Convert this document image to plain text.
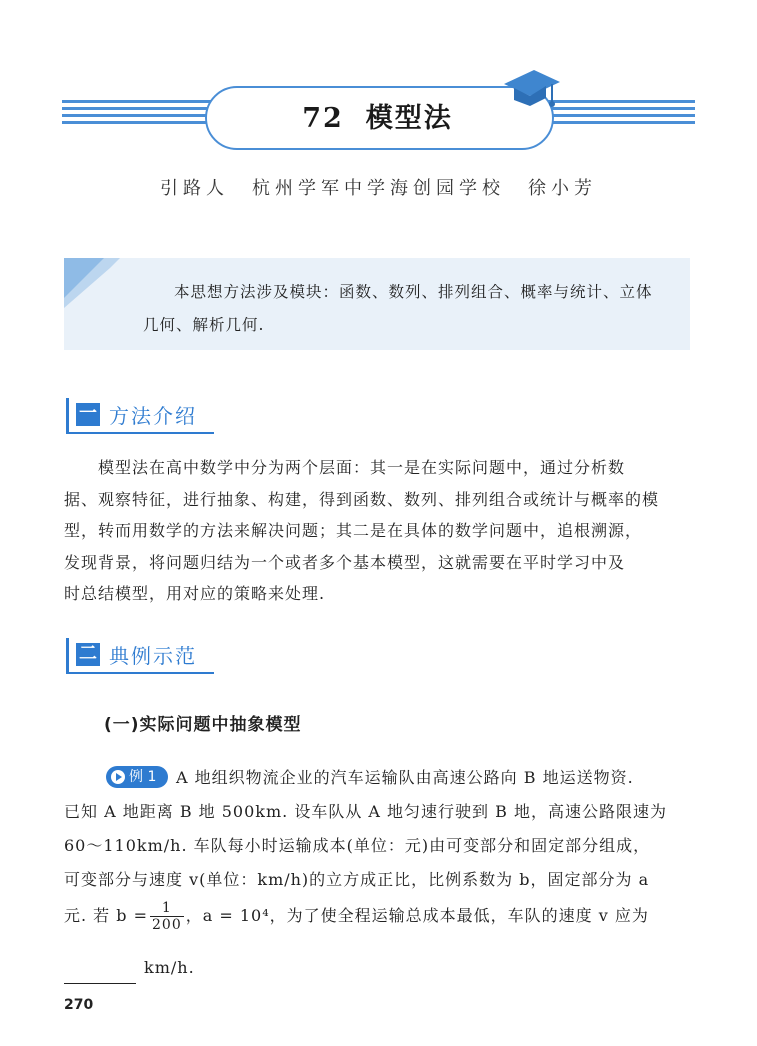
72 模型法
引路人　杭州学军中学海创园学校　徐小芳
本思想方法涉及模块：函数、数列、排列组合、概率与统计、立体
几何、解析几何.
一 方法介绍
　　模型法在高中数学中分为两个层面：其一是在实际问题中，通过分析数
据、观察特征，进行抽象、构建，得到函数、数列、排列组合或统计与概率的模
型，转而用数学的方法来解决问题；其二是在具体的数学问题中，追根溯源，
发现背景，将问题归结为一个或者多个基本模型，这就需要在平时学习中及
时总结模型，用对应的策略来处理.
二 典例示范
(一)实际问题中抽象模型
例 1 A 地组织物流企业的汽车运输队由高速公路向 B 地运送物资.
已知 A 地距离 B 地 500km. 设车队从 A 地匀速行驶到 B 地，高速公路限速为
60～110km/h. 车队每小时运输成本(单位：元)由可变部分和固定部分组成，
可变部分与速度 v(单位：km/h)的立方成正比，比例系数为 b，固定部分为 a
元. 若 $b = \frac{1}{200}$ ，a = 10⁴，为了使全程运输总成本最低，车队的速度 v 应为
km/h.
270
